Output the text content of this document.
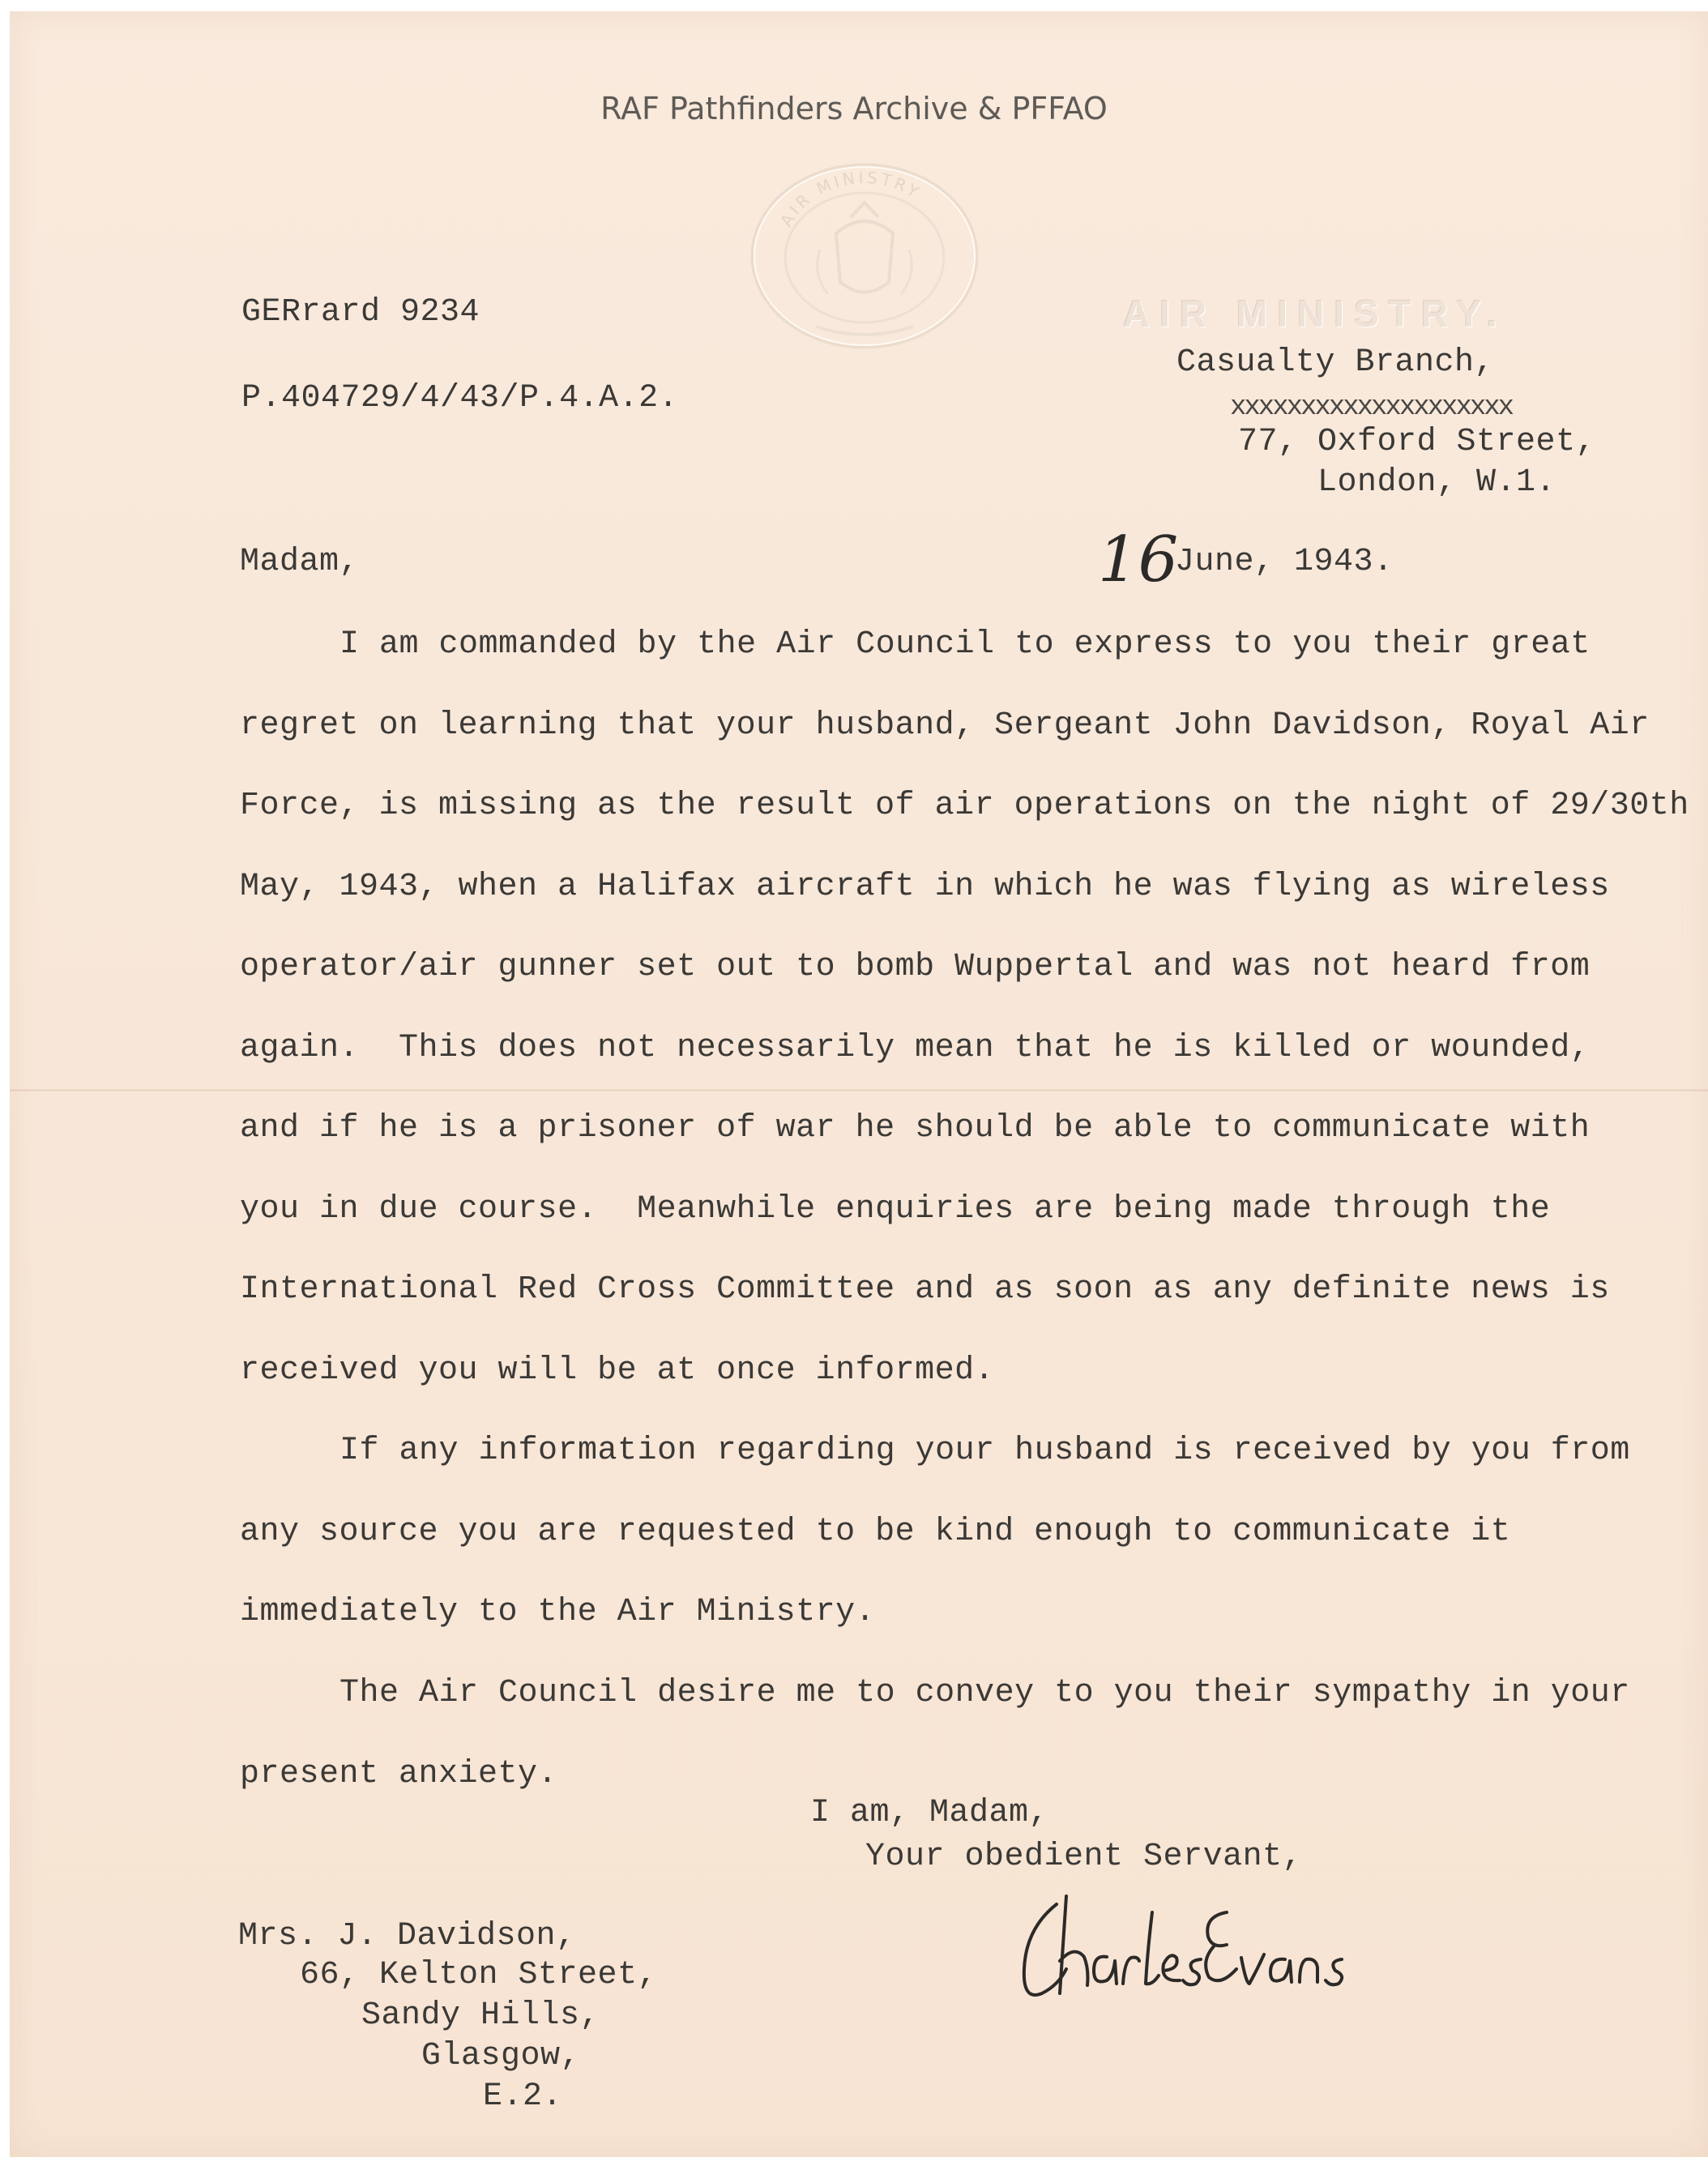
RAF Pathfinders Archive & PFFAO
AIR MINISTRY
AIR MINISTRY.
GERrard 9234
P.404729/4/43/P.4.A.2.
Casualty Branch,
xxxxxxxxxxxxxxxxxxxx
77, Oxford Street,
London, W.1.
16
June, 1943.
Madam,
I am commanded by the Air Council to express to you their great
regret on learning that your husband, Sergeant John Davidson, Royal Air
Force, is missing as the result of air operations on the night of 29/30th
May, 1943, when a Halifax aircraft in which he was flying as wireless
operator/air gunner set out to bomb Wuppertal and was not heard from
again.  This does not necessarily mean that he is killed or wounded,
and if he is a prisoner of war he should be able to communicate with
you in due course.  Meanwhile enquiries are being made through the
International Red Cross Committee and as soon as any definite news is
received you will be at once informed.
If any information regarding your husband is received by you from
any source you are requested to be kind enough to communicate it
immediately to the Air Ministry.
The Air Council desire me to convey to you their sympathy in your
present anxiety.
I am, Madam,
Your obedient Servant,
Charles Evans
Mrs. J. Davidson,
66, Kelton Street,
Sandy Hills,
Glasgow,
E.2.
